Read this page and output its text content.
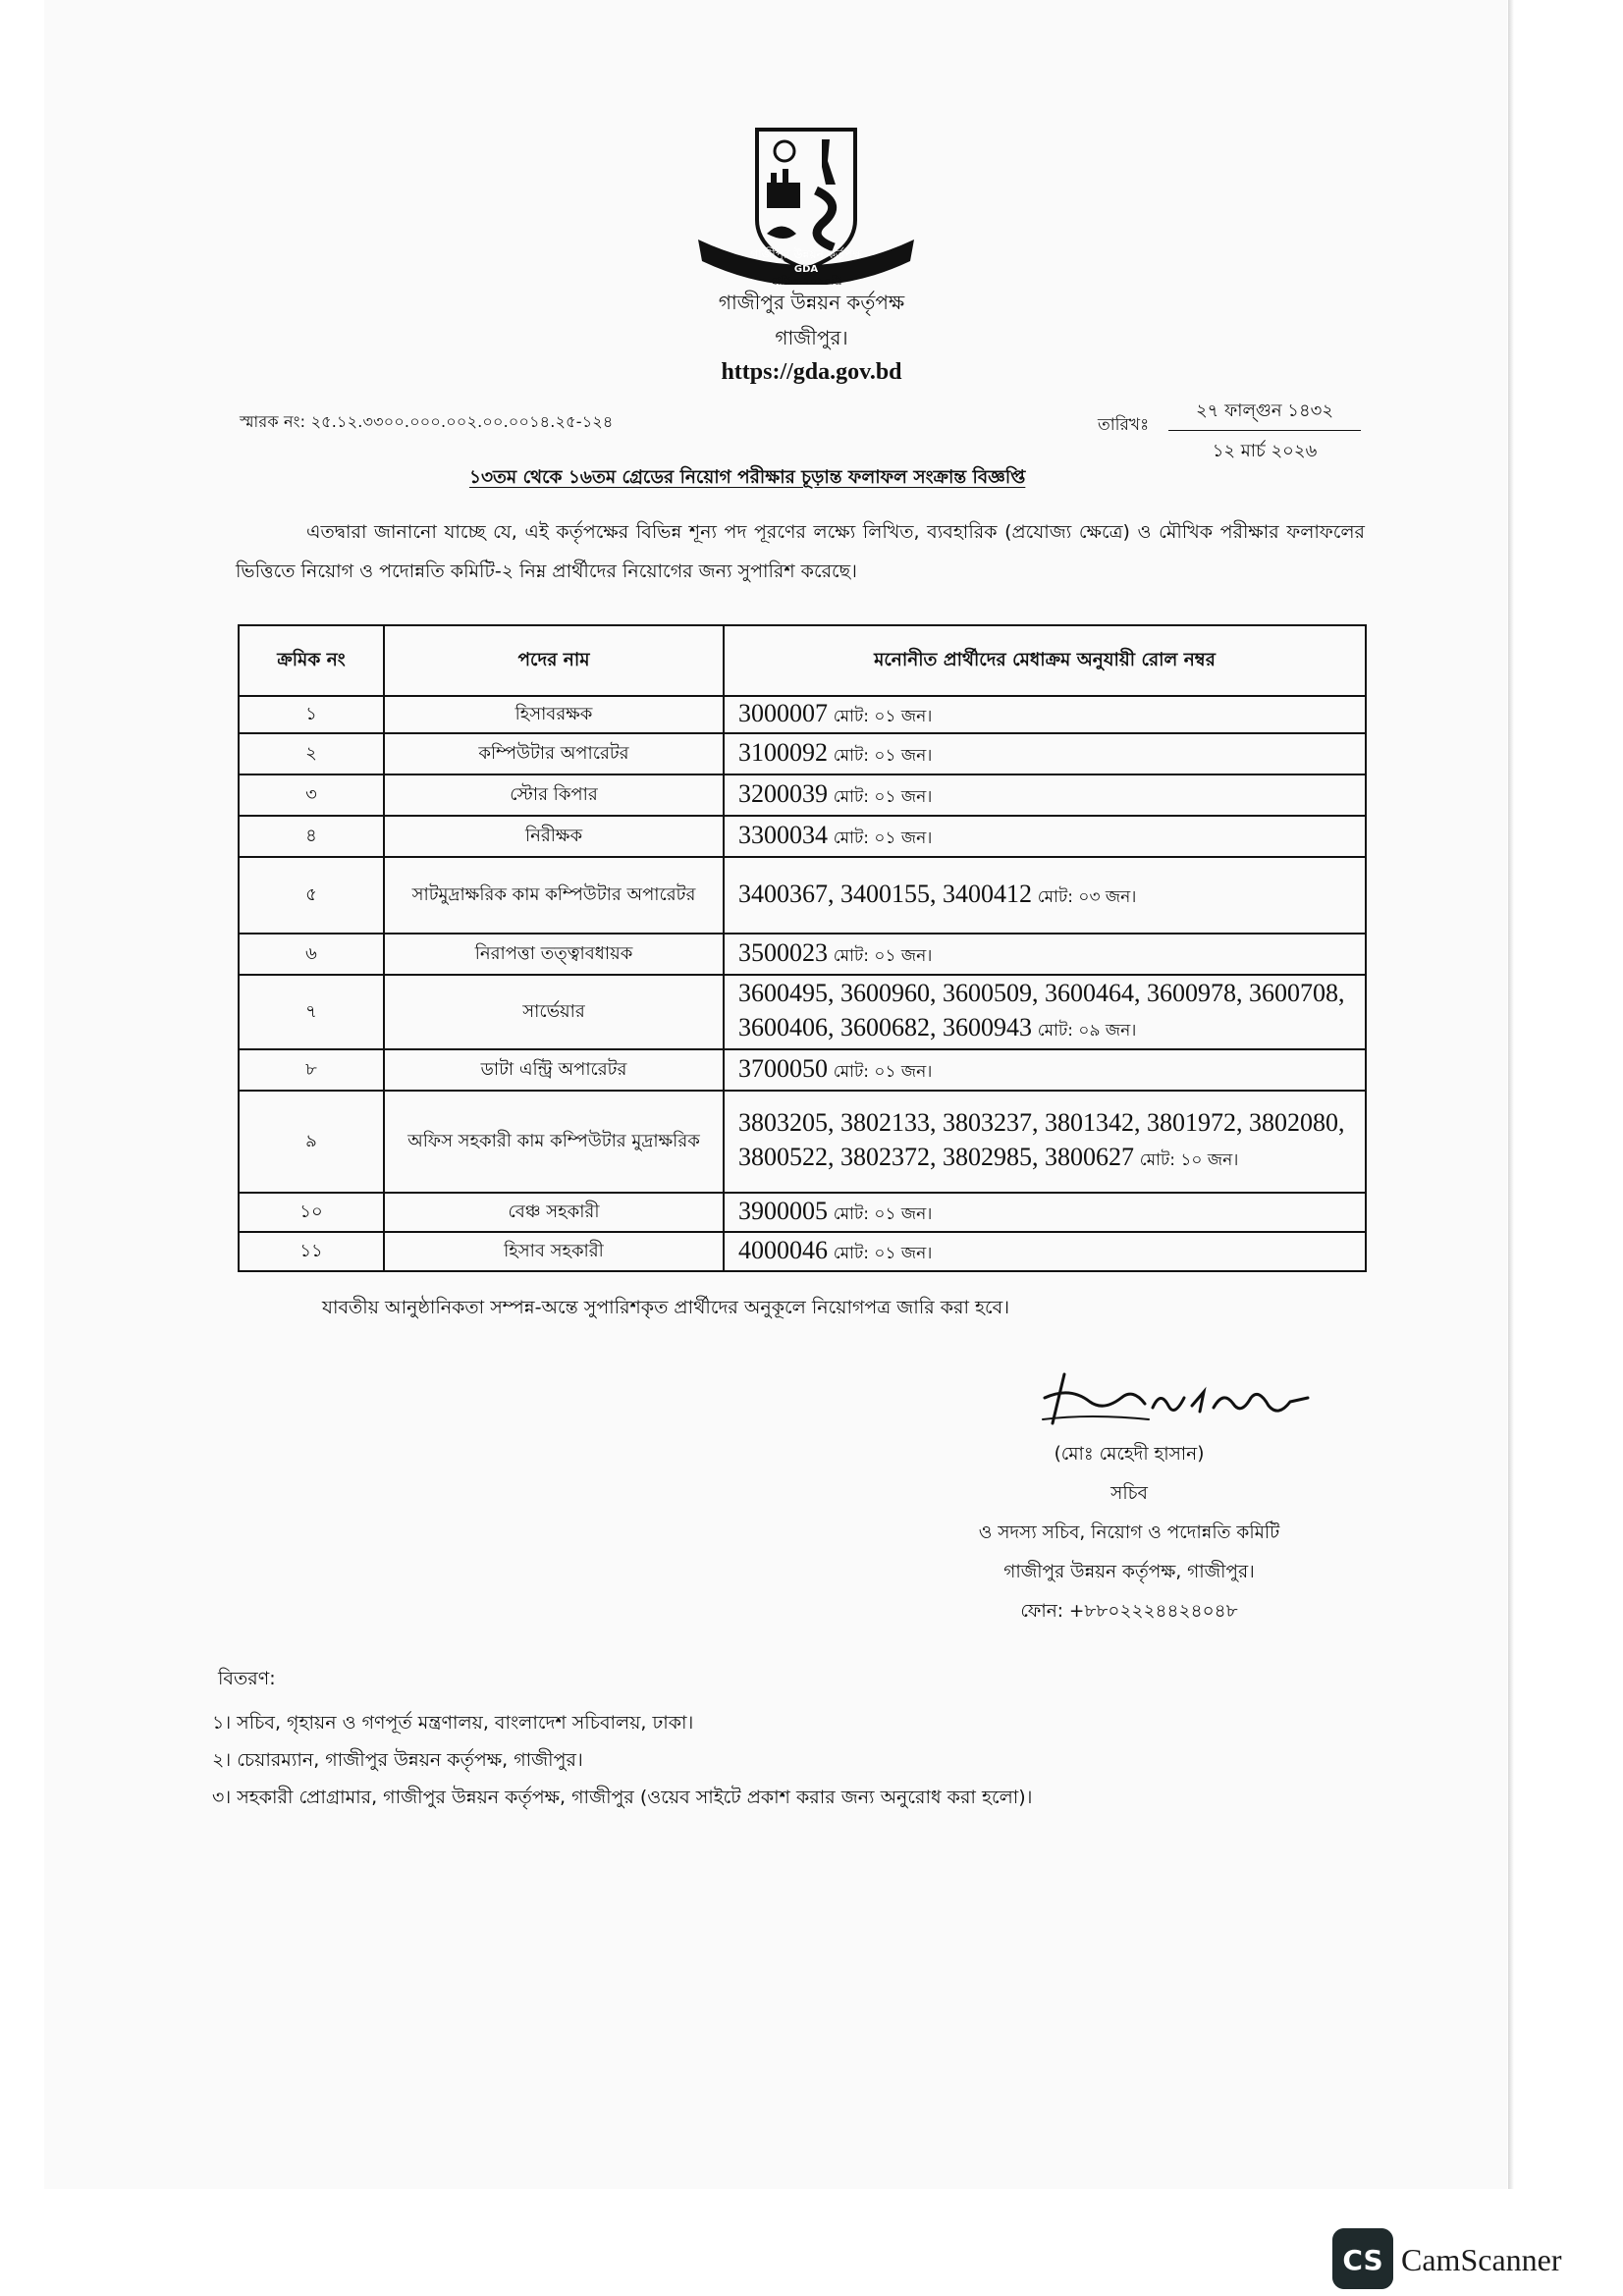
গাজীপুর উন্নয়ন কর্তৃপক্ষ
GDA
স্থাপিত-২০২০খ্রি
গাজীপুর উন্নয়ন কর্তৃপক্ষ
গাজীপুর।
https://gda.gov.bd
স্মারক নং: ২৫.১২.৩৩০০.০০০.০০২.০০.০০১৪.২৫-১২৪	তারিখঃ
২৭ ফাল্গুন ১৪৩২
১২ মার্চ ২০২৬
১৩তম থেকে ১৬তম গ্রেডের নিয়োগ পরীক্ষার চূড়ান্ত ফলাফল সংক্রান্ত বিজ্ঞপ্তি
এতদ্বারা জানানো যাচ্ছে যে, এই কর্তৃপক্ষের বিভিন্ন শূন্য পদ পূরণের লক্ষ্যে লিখিত, ব্যবহারিক (প্রযোজ্য ক্ষেত্রে) ও মৌখিক পরীক্ষার ফলাফলের ভিত্তিতে নিয়োগ ও পদোন্নতি কমিটি-২ নিম্ন প্রার্থীদের নিয়োগের জন্য সুপারিশ করেছে।
ক্রমিক নং	পদের নাম	মনোনীত প্রার্থীদের মেধাক্রম অনুযায়ী রোল নম্বর
১	হিসাবরক্ষক	3000007 মোট: ০১ জন।

২	কম্পিউটার অপারেটর	3100092 মোট: ০১ জন।

৩	স্টোর কিপার	3200039 মোট: ০১ জন।

৪	নিরীক্ষক	3300034 মোট: ০১ জন।

৫	সাটমুদ্রাক্ষরিক কাম কম্পিউটার অপারেটর	3400367, 3400155, 3400412 মোট: ০৩ জন।

৬	নিরাপত্তা তত্ত্বাবধায়ক	3500023 মোট: ০১ জন।

৭	সার্ভেয়ার	3600495, 3600960, 3600509, 3600464, 3600978, 3600708, 3600406, 3600682, 3600943 মোট: ০৯ জন।

৮	ডাটা এন্ট্রি অপারেটর	3700050 মোট: ০১ জন।

৯	অফিস সহকারী কাম কম্পিউটার মুদ্রাক্ষরিক	3803205, 3802133, 3803237, 3801342, 3801972, 3802080, 3800522, 3802372, 3802985, 3800627 মোট: ১০ জন।

১০	বেঞ্চ সহকারী	3900005 মোট: ০১ জন।

১১	হিসাব সহকারী	4000046 মোট: ০১ জন।
যাবতীয় আনুষ্ঠানিকতা সম্পন্ন-অন্তে সুপারিশকৃত প্রার্থীদের অনুকূলে নিয়োগপত্র জারি করা হবে।
(মোঃ মেহেদী হাসান)
সচিব
ও সদস্য সচিব, নিয়োগ ও পদোন্নতি কমিটি
গাজীপুর উন্নয়ন কর্তৃপক্ষ, গাজীপুর।
ফোন: +৮৮০২২২৪৪২৪০৪৮
বিতরণ:
১। সচিব, গৃহায়ন ও গণপূর্ত মন্ত্রণালয়, বাংলাদেশ সচিবালয়, ঢাকা।
২। চেয়ারম্যান, গাজীপুর উন্নয়ন কর্তৃপক্ষ, গাজীপুর।
৩। সহকারী প্রোগ্রামার, গাজীপুর উন্নয়ন কর্তৃপক্ষ, গাজীপুর (ওয়েব সাইটে প্রকাশ করার জন্য অনুরোধ করা হলো)।
CS CamScanner
